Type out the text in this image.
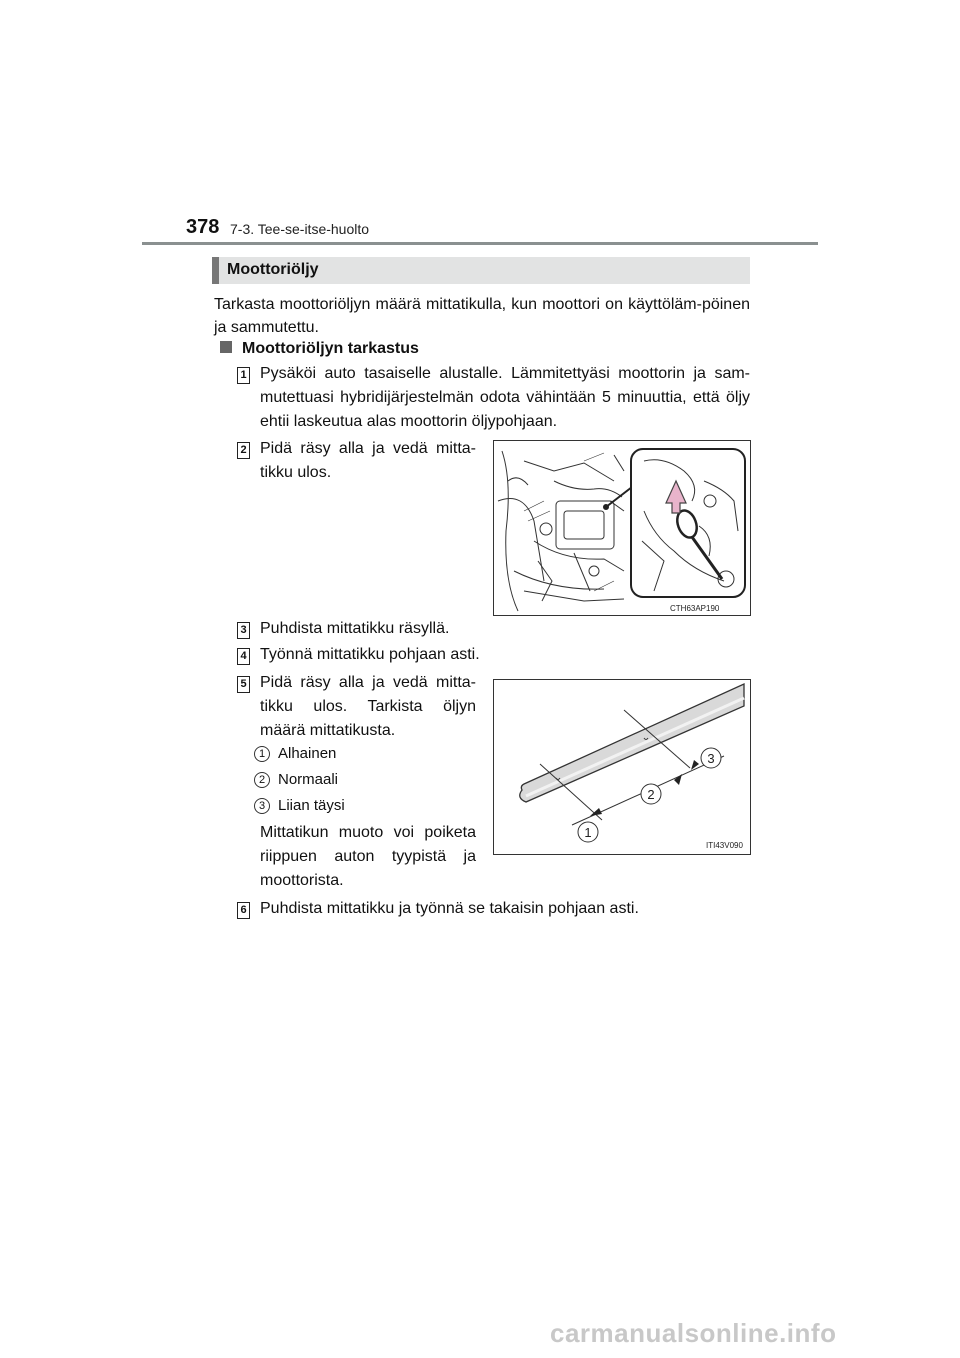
378 7-3. Tee-se-itse-huolto
Moottoriöljy
Tarkasta moottoriöljyn määrä mittatikulla, kun moottori on käyttöläm-pöinen ja sammutettu.
Moottoriöljyn tarkastus
1 Pysäköi auto tasaiselle alustalle. Lämmitettyäsi moottorin ja sam-mutettuasi hybridijärjestelmän odota vähintään 5 minuuttia, että öljy ehtii laskeutua alas moottorin öljypohjaan.
2 Pidä räsy alla ja vedä mitta-tikku ulos.
CTH63AP190
3 Puhdista mittatikku räsyllä.
4 Työnnä mittatikku pohjaan asti.
5 Pidä räsy alla ja vedä mitta-tikku ulos. Tarkista öljyn määrä mittatikusta.
1 Alhainen
2 Normaali
3 Liian täysi
Mittatikun muoto voi poiketa riippuen auton tyypistä ja moottorista.
1
2
3
ITI43V090
6 Puhdista mittatikku ja työnnä se takaisin pohjaan asti.
carmanualsonline.info
